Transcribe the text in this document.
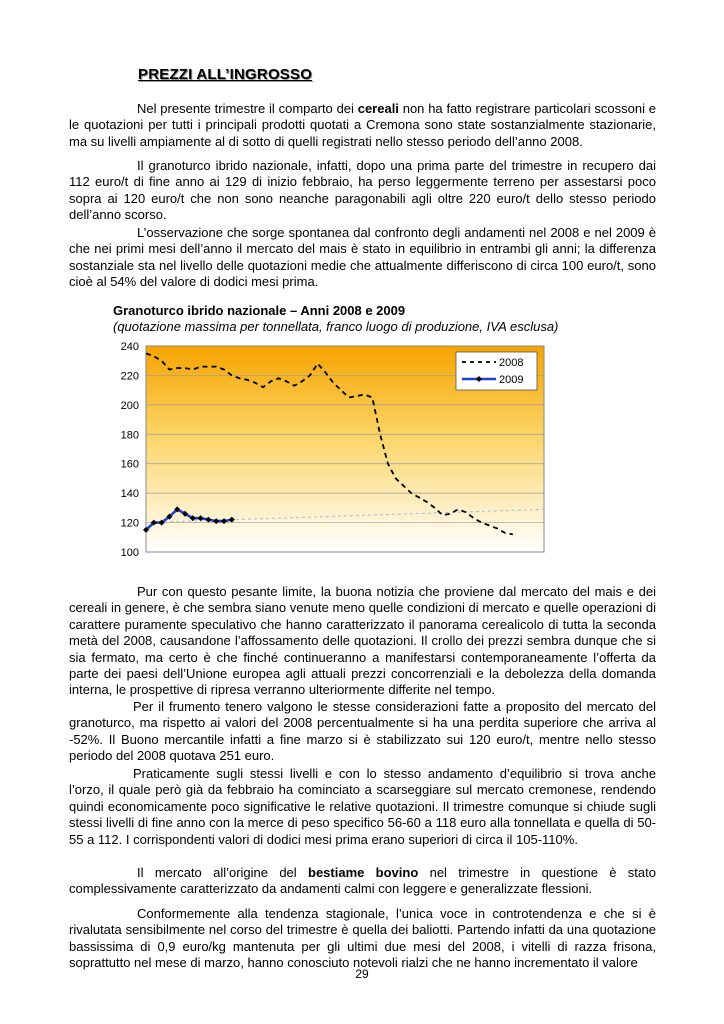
PREZZI ALL’INGROSSO

Nel presente trimestre il comparto dei cereali non ha fatto registrare particolari scossoni e le quotazioni per tutti i principali prodotti quotati a Cremona sono state sostanzialmente stazionarie, ma su livelli ampiamente al di sotto di quelli registrati nello stesso periodo dell’anno 2008.

Il granoturco ibrido nazionale, infatti, dopo una prima parte del trimestre in recupero dai 112 euro/t di fine anno ai 129 di inizio febbraio, ha perso leggermente terreno per assestarsi poco sopra ai 120 euro/t che non sono neanche paragonabili agli oltre 220 euro/t dello stesso periodo dell’anno scorso.

L’osservazione che sorge spontanea dal confronto degli andamenti nel 2008 e nel 2009 è che nei primi mesi dell’anno il mercato del mais è stato in equilibrio in entrambi gli anni; la differenza sostanziale sta nel livello delle quotazioni medie che attualmente differiscono di circa 100 euro/t, sono cioè al 54% del valore di dodici mesi prima.

Granoturco ibrido nazionale – Anni 2008 e 2009
(quotazione massima per tonnellata, franco luogo di produzione, IVA esclusa)
100
120
140
160
180
200
220
240
2008
2009

Pur con questo pesante limite, la buona notizia che proviene dal mercato del mais e dei cereali in genere, è che sembra siano venute meno quelle condizioni di mercato e quelle operazioni di carattere puramente speculativo che hanno caratterizzato il panorama cerealicolo di tutta la seconda metà del 2008, causandone l’affossamento delle quotazioni. Il crollo dei prezzi sembra dunque che si sia fermato, ma certo è che finché continueranno a manifestarsi contemporaneamente l’offerta da parte dei paesi dell’Unione europea agli attuali prezzi concorrenziali e la debolezza della domanda interna, le prospettive di ripresa verranno ulteriormente differite nel tempo.

Per il frumento tenero valgono le stesse considerazioni fatte a proposito del mercato del granoturco, ma rispetto ai valori del 2008 percentualmente si ha una perdita superiore che arriva al -52%. Il Buono mercantile infatti a fine marzo si è stabilizzato sui 120 euro/t, mentre nello stesso periodo del 2008 quotava 251 euro.

Praticamente sugli stessi livelli e con lo stesso andamento d’equilibrio si trova anche l’orzo, il quale però già da febbraio ha cominciato a scarseggiare sul mercato cremonese, rendendo quindi economicamente poco significative le relative quotazioni. Il trimestre comunque si chiude sugli stessi livelli di fine anno con la merce di peso specifico 56-60 a 118 euro alla tonnellata e quella di 50-55 a 112. I corrispondenti valori di dodici mesi prima erano superiori di circa il 105-110%.

Il mercato all’origine del bestiame bovino nel trimestre in questione è stato complessivamente caratterizzato da andamenti calmi con leggere e generalizzate flessioni.

Conformemente alla tendenza stagionale, l’unica voce in controtendenza e che si è rivalutata sensibilmente nel corso del trimestre è quella dei baliotti. Partendo infatti da una quotazione bassissima di 0,9 euro/kg mantenuta per gli ultimi due mesi del 2008, i vitelli di razza frisona, soprattutto nel mese di marzo, hanno conosciuto notevoli rialzi che ne hanno incrementato il valore

29
